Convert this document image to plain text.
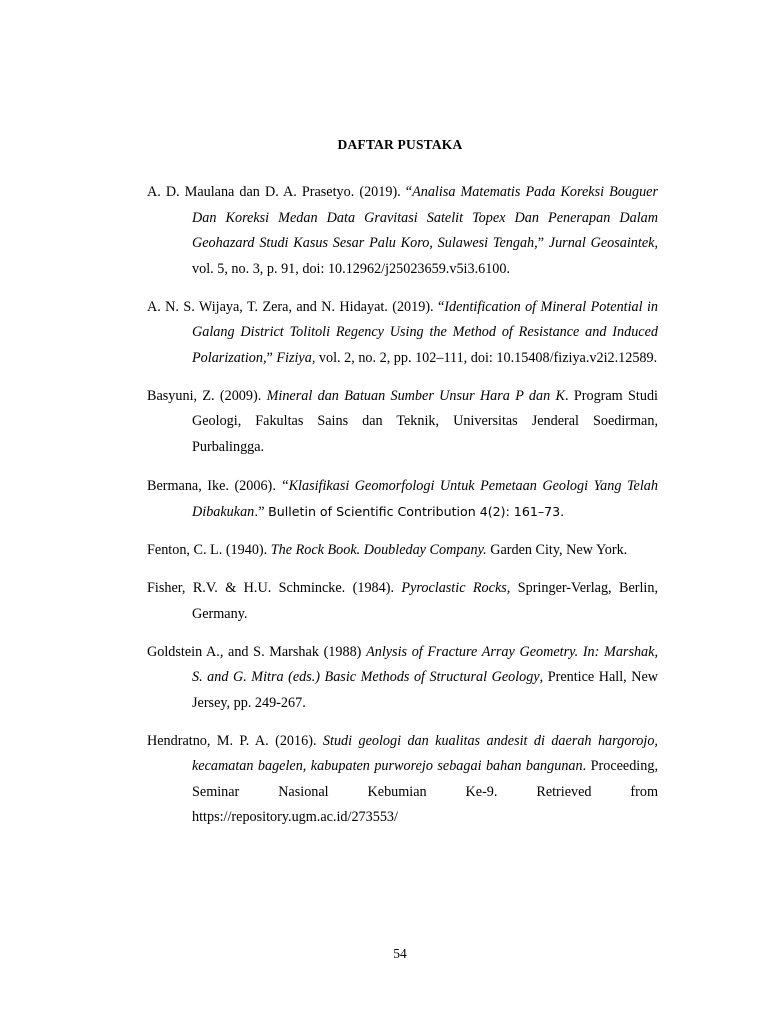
DAFTAR PUSTAKA

A. D. Maulana dan D. A. Prasetyo. (2019). “Analisa Matematis Pada Koreksi Bouguer Dan Koreksi Medan Data Gravitasi Satelit Topex Dan Penerapan Dalam Geohazard Studi Kasus Sesar Palu Koro, Sulawesi Tengah,” Jurnal Geosaintek, vol. 5, no. 3, p. 91, doi: 10.12962/j25023659.v5i3.6100.

A. N. S. Wijaya, T. Zera, and N. Hidayat. (2019). “Identification of Mineral Potential in Galang District Tolitoli Regency Using the Method of Resistance and Induced Polarization,” Fiziya, vol. 2, no. 2, pp. 102–111, doi: 10.15408/fiziya.v2i2.12589.

Basyuni, Z. (2009). Mineral dan Batuan Sumber Unsur Hara P dan K. Program Studi Geologi, Fakultas Sains dan Teknik, Universitas Jenderal Soedirman, Purbalingga.

Bermana, Ike. (2006). “Klasifikasi Geomorfologi Untuk Pemetaan Geologi Yang Telah Dibakukan.” Bulletin of Scientific Contribution 4(2): 161–73.

Fenton, C. L. (1940). The Rock Book. Doubleday Company. Garden City, New York.

Fisher, R.V. & H.U. Schmincke. (1984). Pyroclastic Rocks, Springer-Verlag, Berlin, Germany.

Goldstein A., and S. Marshak (1988) Anlysis of Fracture Array Geometry. In: Marshak, S. and G. Mitra (eds.) Basic Methods of Structural Geology, Prentice Hall, New Jersey, pp. 249-267.

Hendratno, M. P. A. (2016). Studi geologi dan kualitas andesit di daerah hargorojo, kecamatan bagelen, kabupaten purworejo sebagai bahan bangunan. Proceeding, Seminar Nasional Kebumian Ke-9. Retrieved from https://repository.ugm.ac.id/273553/

54
